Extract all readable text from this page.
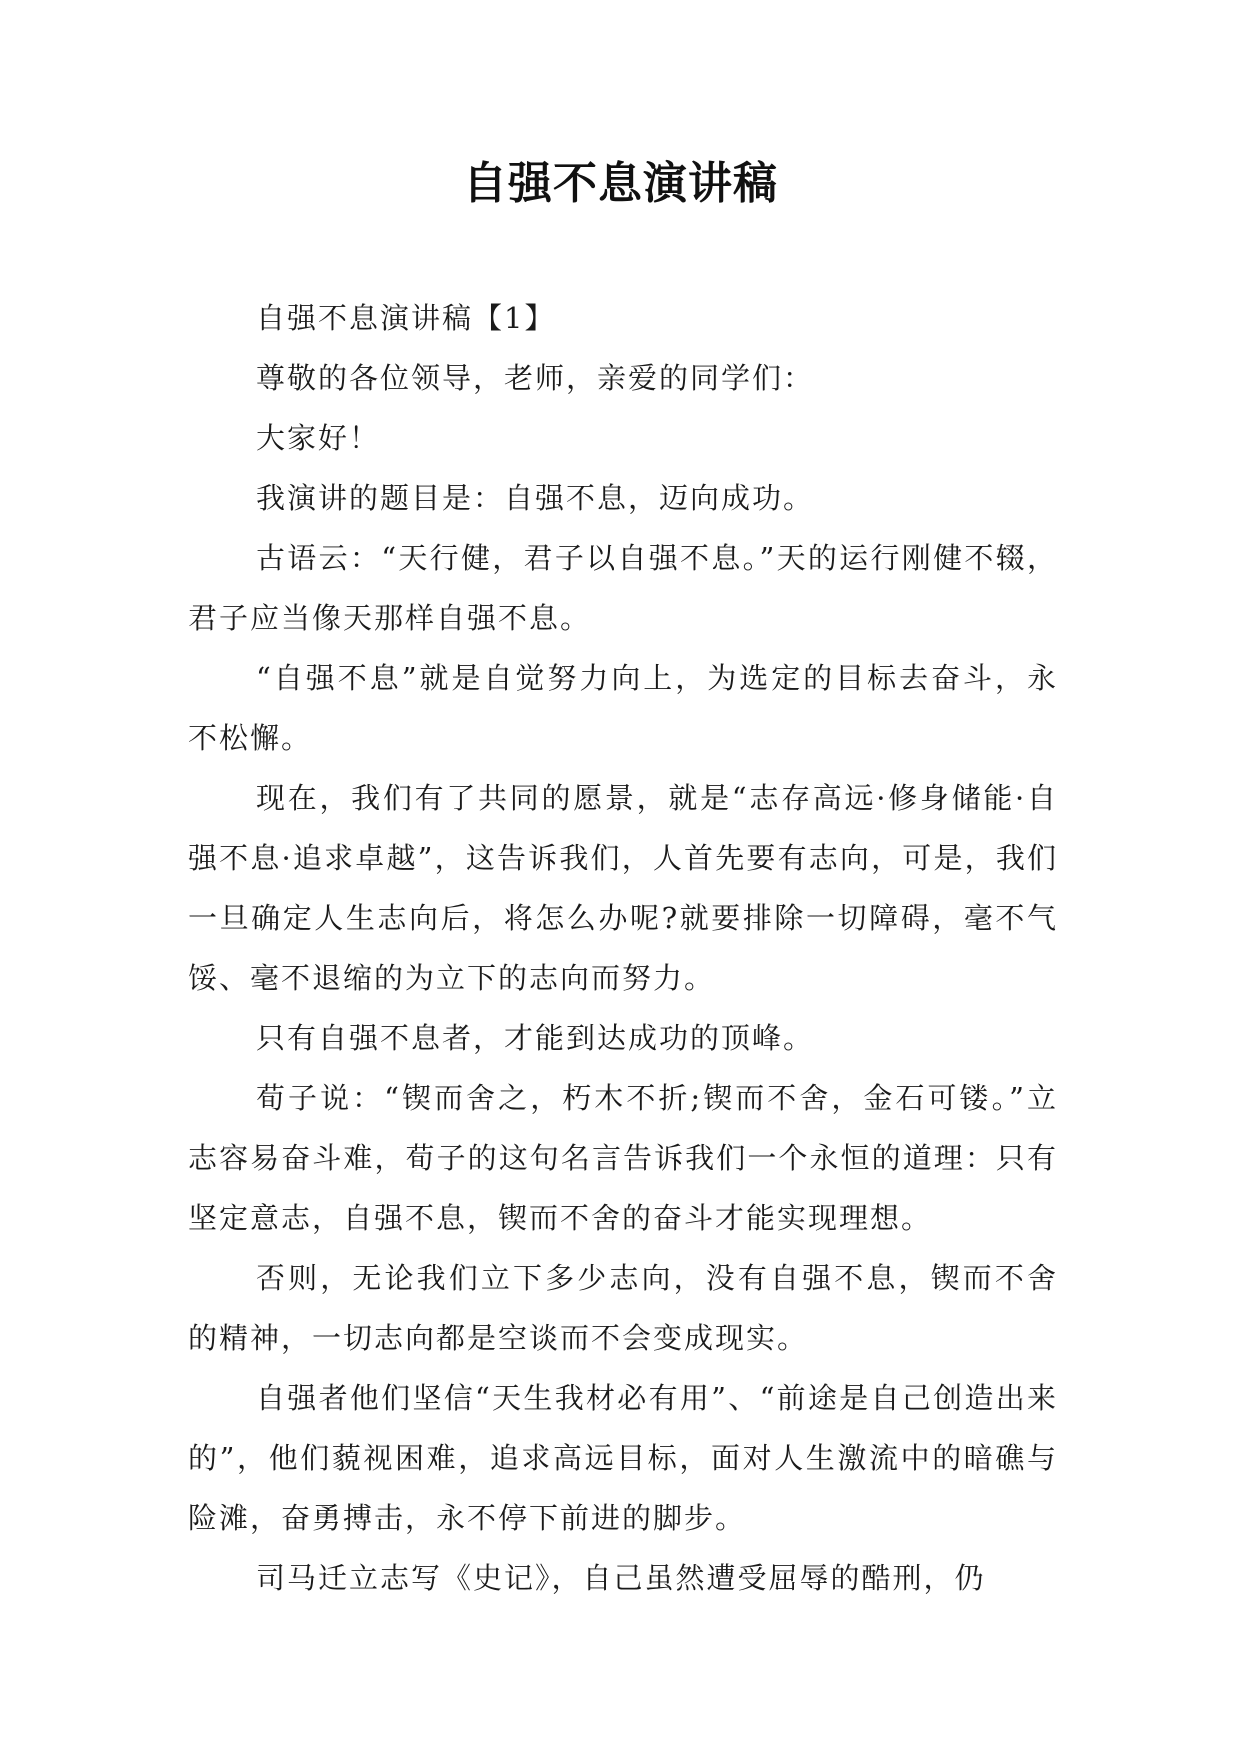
自强不息演讲稿

自强不息演讲稿【1】

尊敬的各位领导，老师，亲爱的同学们：

大家好！

我演讲的题目是：自强不息，迈向成功。

古语云：“天行健，君子以自强不息。”天的运行刚健不辍，君子应当像天那样自强不息。

“自强不息”就是自觉努力向上，为选定的目标去奋斗，永不松懈。

现在，我们有了共同的愿景，就是“志存高远·修身储能·自强不息·追求卓越”，这告诉我们，人首先要有志向，可是，我们一旦确定人生志向后，将怎么办呢?就要排除一切障碍，毫不气馁、毫不退缩的为立下的志向而努力。

只有自强不息者，才能到达成功的顶峰。

荀子说：“锲而舍之，朽木不折;锲而不舍，金石可镂。”立志容易奋斗难，荀子的这句名言告诉我们一个永恒的道理：只有坚定意志，自强不息，锲而不舍的奋斗才能实现理想。

否则，无论我们立下多少志向，没有自强不息，锲而不舍的精神，一切志向都是空谈而不会变成现实。

自强者他们坚信“天生我材必有用”、“前途是自己创造出来的”，他们藐视困难，追求高远目标，面对人生激流中的暗礁与险滩，奋勇搏击，永不停下前进的脚步。

司马迁立志写《史记》，自己虽然遭受屈辱的酷刑，仍
